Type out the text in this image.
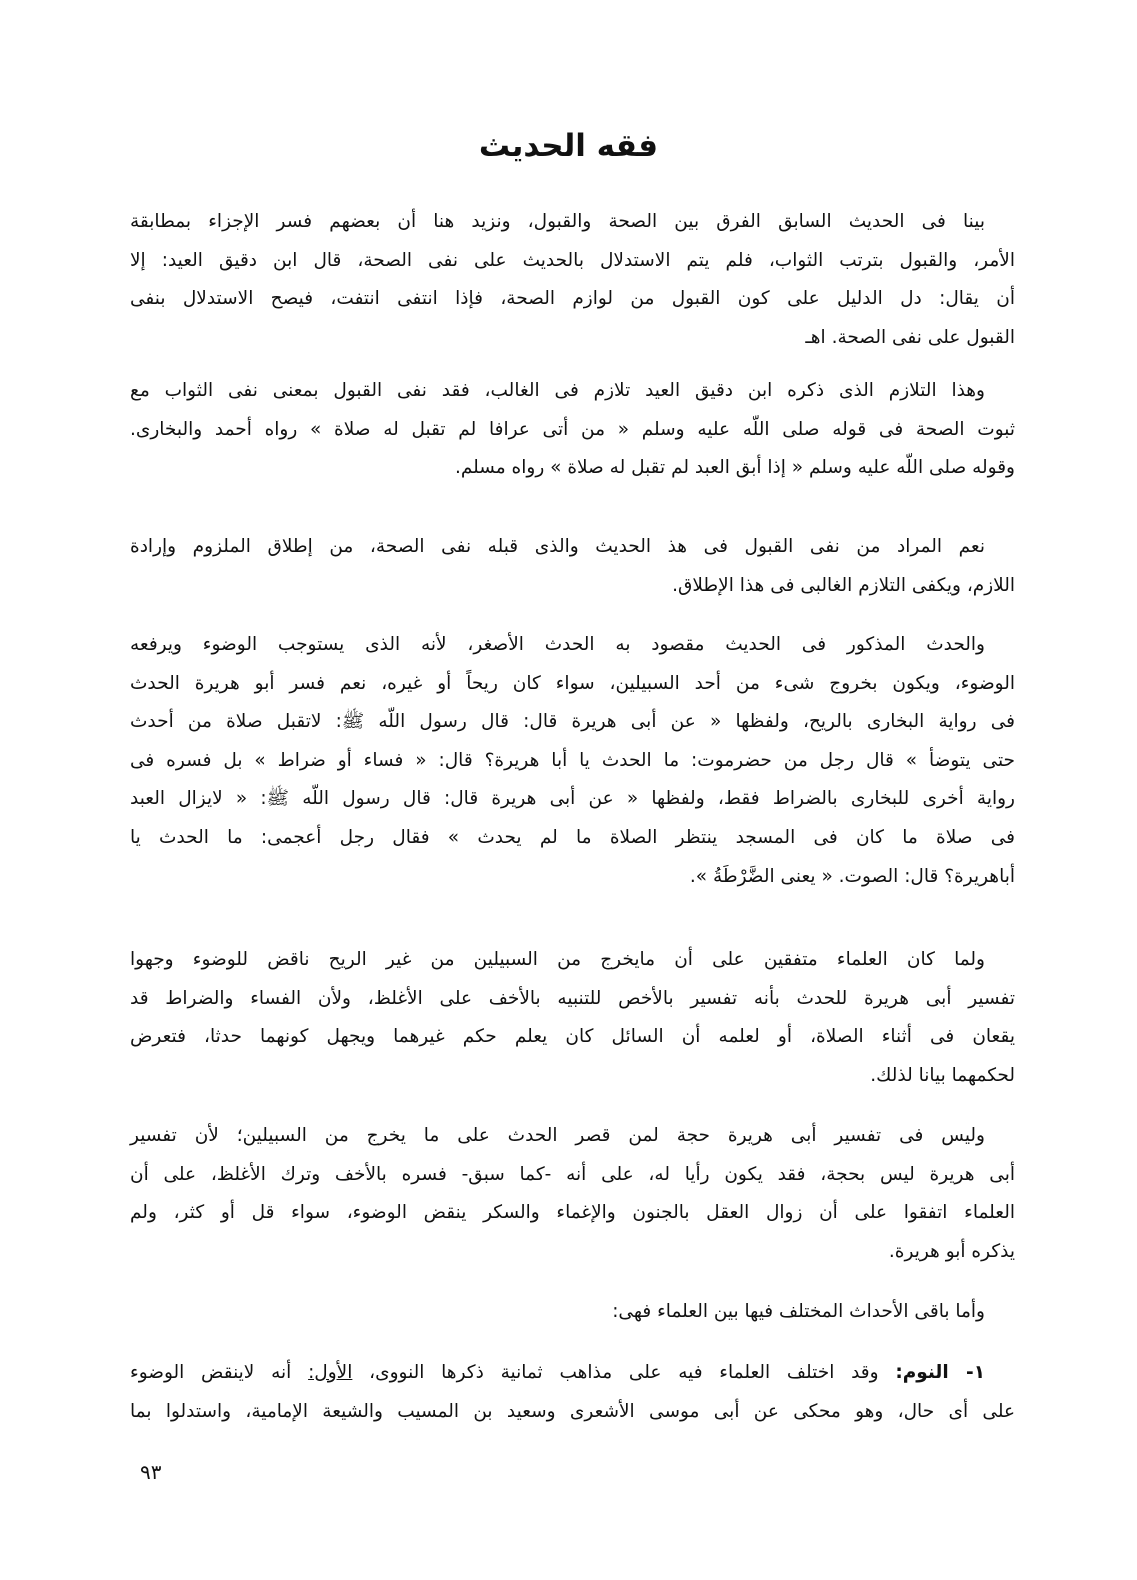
فقه الحديث
بينا فى الحديث السابق الفرق بين الصحة والقبول، ونزيد هنا أن بعضهم فسر الإجزاء بمطابقة
الأمر، والقبول بترتب الثواب، فلم يتم الاستدلال بالحديث على نفى الصحة، قال ابن دقيق العيد: إلا
أن يقال: دل الدليل على كون القبول من لوازم الصحة، فإذا انتفى انتفت، فيصح الاستدلال بنفى
القبول على نفى الصحة. اهـ
وهذا التلازم الذى ذكره ابن دقيق العيد تلازم فى الغالب، فقد نفى القبول بمعنى نفى الثواب مع
ثبوت الصحة فى قوله صلى اللّه عليه وسلم « من أتى عرافا لم تقبل له صلاة » رواه أحمد والبخارى.
وقوله صلى اللّه عليه وسلم « إذا أبق العبد لم تقبل له صلاة » رواه مسلم.
نعم المراد من نفى القبول فى هذ الحديث والذى قبله نفى الصحة، من إطلاق الملزوم وإرادة
اللازم، ويكفى التلازم الغالبى فى هذا الإطلاق.
والحدث المذكور فى الحديث مقصود به الحدث الأصغر، لأنه الذى يستوجب الوضوء ويرفعه
الوضوء، ويكون بخروج شىء من أحد السبيلين، سواء كان ريحاً أو غيره، نعم فسر أبو هريرة الحدث
فى رواية البخارى بالريح، ولفظها « عن أبى هريرة قال: قال رسول اللّه ﷺ: لاتقبل صلاة من أحدث
حتى يتوضأ » قال رجل من حضرموت: ما الحدث يا أبا هريرة؟ قال: « فساء أو ضراط » بل فسره فى
رواية أخرى للبخارى بالضراط فقط، ولفظها « عن أبى هريرة قال: قال رسول اللّه ﷺ: « لايزال العبد
فى صلاة ما كان فى المسجد ينتظر الصلاة ما لم يحدث » فقال رجل أعجمى: ما الحدث يا
أباهريرة؟ قال: الصوت. « يعنى الضَّرْطَةُ ».
ولما كان العلماء متفقين على أن مايخرج من السبيلين من غير الريح ناقض للوضوء وجهوا
تفسير أبى هريرة للحدث بأنه تفسير بالأخص للتنبيه بالأخف على الأغلظ، ولأن الفساء والضراط قد
يقعان فى أثناء الصلاة، أو لعلمه أن السائل كان يعلم حكم غيرهما ويجهل كونهما حدثا، فتعرض
لحكمهما بيانا لذلك.
وليس فى تفسير أبى هريرة حجة لمن قصر الحدث على ما يخرج من السبيلين؛ لأن تفسير
أبى هريرة ليس بحجة، فقد يكون رأيا له، على أنه -كما سبق- فسره بالأخف وترك الأغلظ، على أن
العلماء اتفقوا على أن زوال العقل بالجنون والإغماء والسكر ينقض الوضوء، سواء قل أو كثر، ولم
يذكره أبو هريرة.
وأما باقى الأحداث المختلف فيها بين العلماء فهى:
١- النوم: وقد اختلف العلماء فيه على مذاهب ثمانية ذكرها النووى، الأول: أنه لاينقض الوضوء
على أى حال، وهو محكى عن أبى موسى الأشعرى وسعيد بن المسيب والشيعة الإمامية، واستدلوا بما
٩٣
